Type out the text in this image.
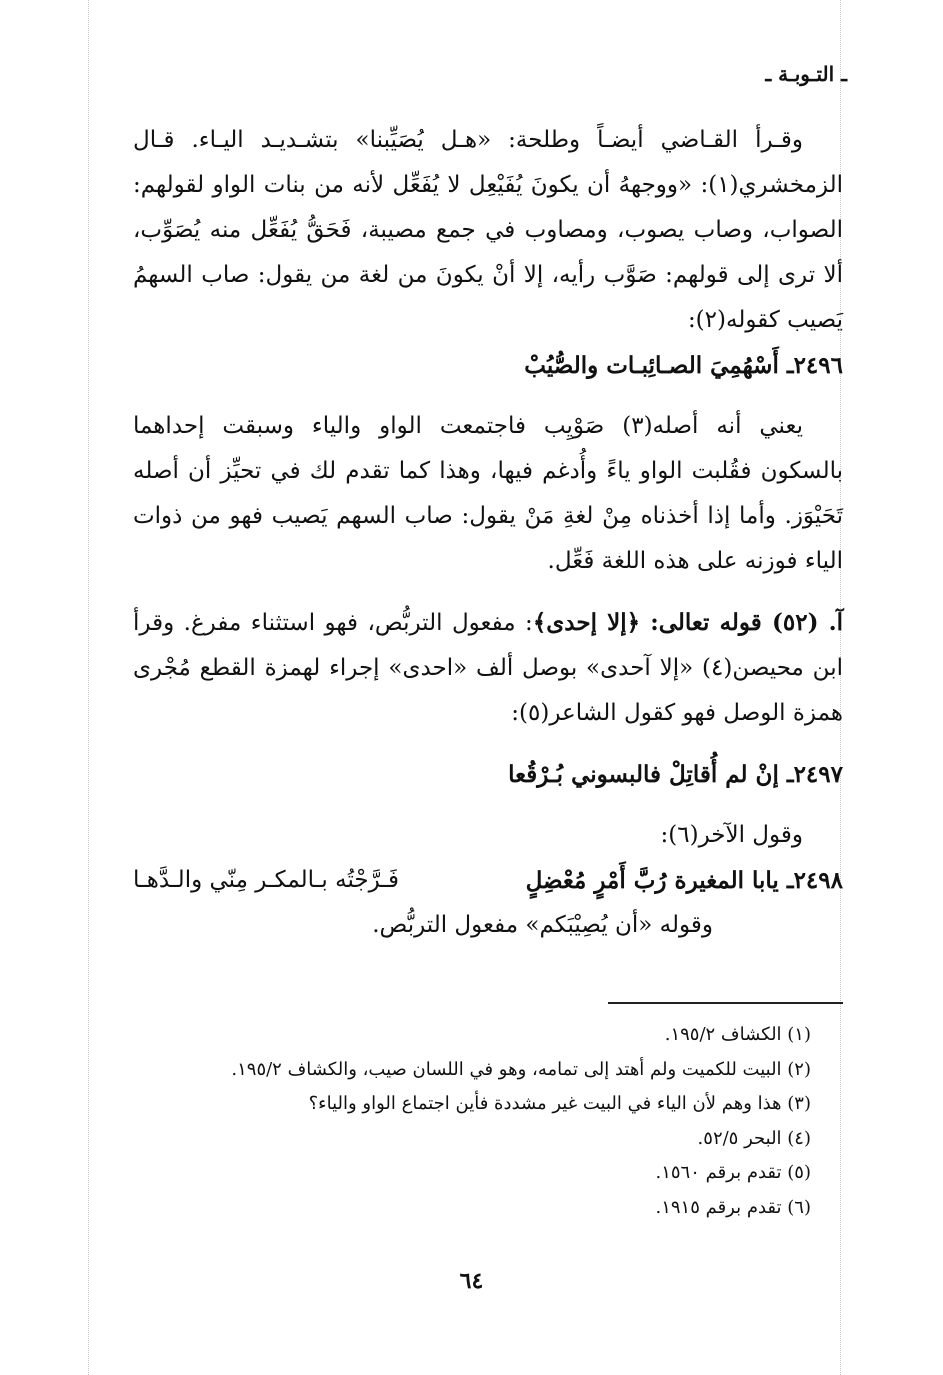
ـ التـوبـة ـ

وقـرأ القـاضي أيضـاً وطلحة: «هـل يُصَيِّبنا» بتشـديـد اليـاء. قـال الزمخشري(١): «ووجههُ أن يكونَ يُفَيْعِل لا يُفَعِّل لأنه من بنات الواو لقولهم: الصواب، وصاب يصوب، ومصاوب في جمع مصيبة، فَحَقُّ يُفَعِّل منه يُصَوِّب، ألا ترى إلى قولهم: صَوَّب رأيه، إلا أنْ يكونَ من لغة من يقول: صاب السهمُ يَصيب كقوله(٢):

٢٤٩٦ـ أَسْهُمِيَ الصـائِبـات والصُّيُبْ

يعني أنه أصله(٣) صَوْيِب فاجتمعت الواو والياء وسبقت إحداهما بالسكون فقُلبت الواو ياءً وأُدغم فيها، وهذا كما تقدم لك في تحيِّز أن أصله تَحَيْوَز. وأما إذا أخذناه مِنْ لغةِ مَنْ يقول: صاب السهم يَصيب فهو من ذوات الياء فوزنه على هذه اللغة فَعِّل.

آ. (٥٢) قوله تعالى: ﴿إلا إحدى﴾: مفعول التربُّص، فهو استثناء مفرغ. وقرأ ابن محيصن(٤) «إلا آحدى» بوصل ألف «احدى» إجراء لهمزة القطع مُجْرى همزة الوصل فهو كقول الشاعر(٥):

٢٤٩٧ـ إنْ لم أُقاتِلْ فالبسوني بُـرْقُعا

وقول الآخر(٦):

٢٤٩٨ـ يابا المغيرة رُبَّ أَمْرٍ مُعْضِلٍ
فَـرَّجْتُه بـالمكـر مِنّي والـدَّهـا

وقوله «أن يُصِيْبَكم» مفعول التربُّص.

(١) الكشاف ١٩٥/٢.
(٢) البيت للكميت ولم أهتد إلى تمامه، وهو في اللسان صيب، والكشاف ١٩٥/٢.
(٣) هذا وهم لأن الياء في البيت غير مشددة فأين اجتماع الواو والياء؟
(٤) البحر ٥٢/٥.
(٥) تقدم برقم ١٥٦٠.
(٦) تقدم برقم ١٩١٥.
٦٤
